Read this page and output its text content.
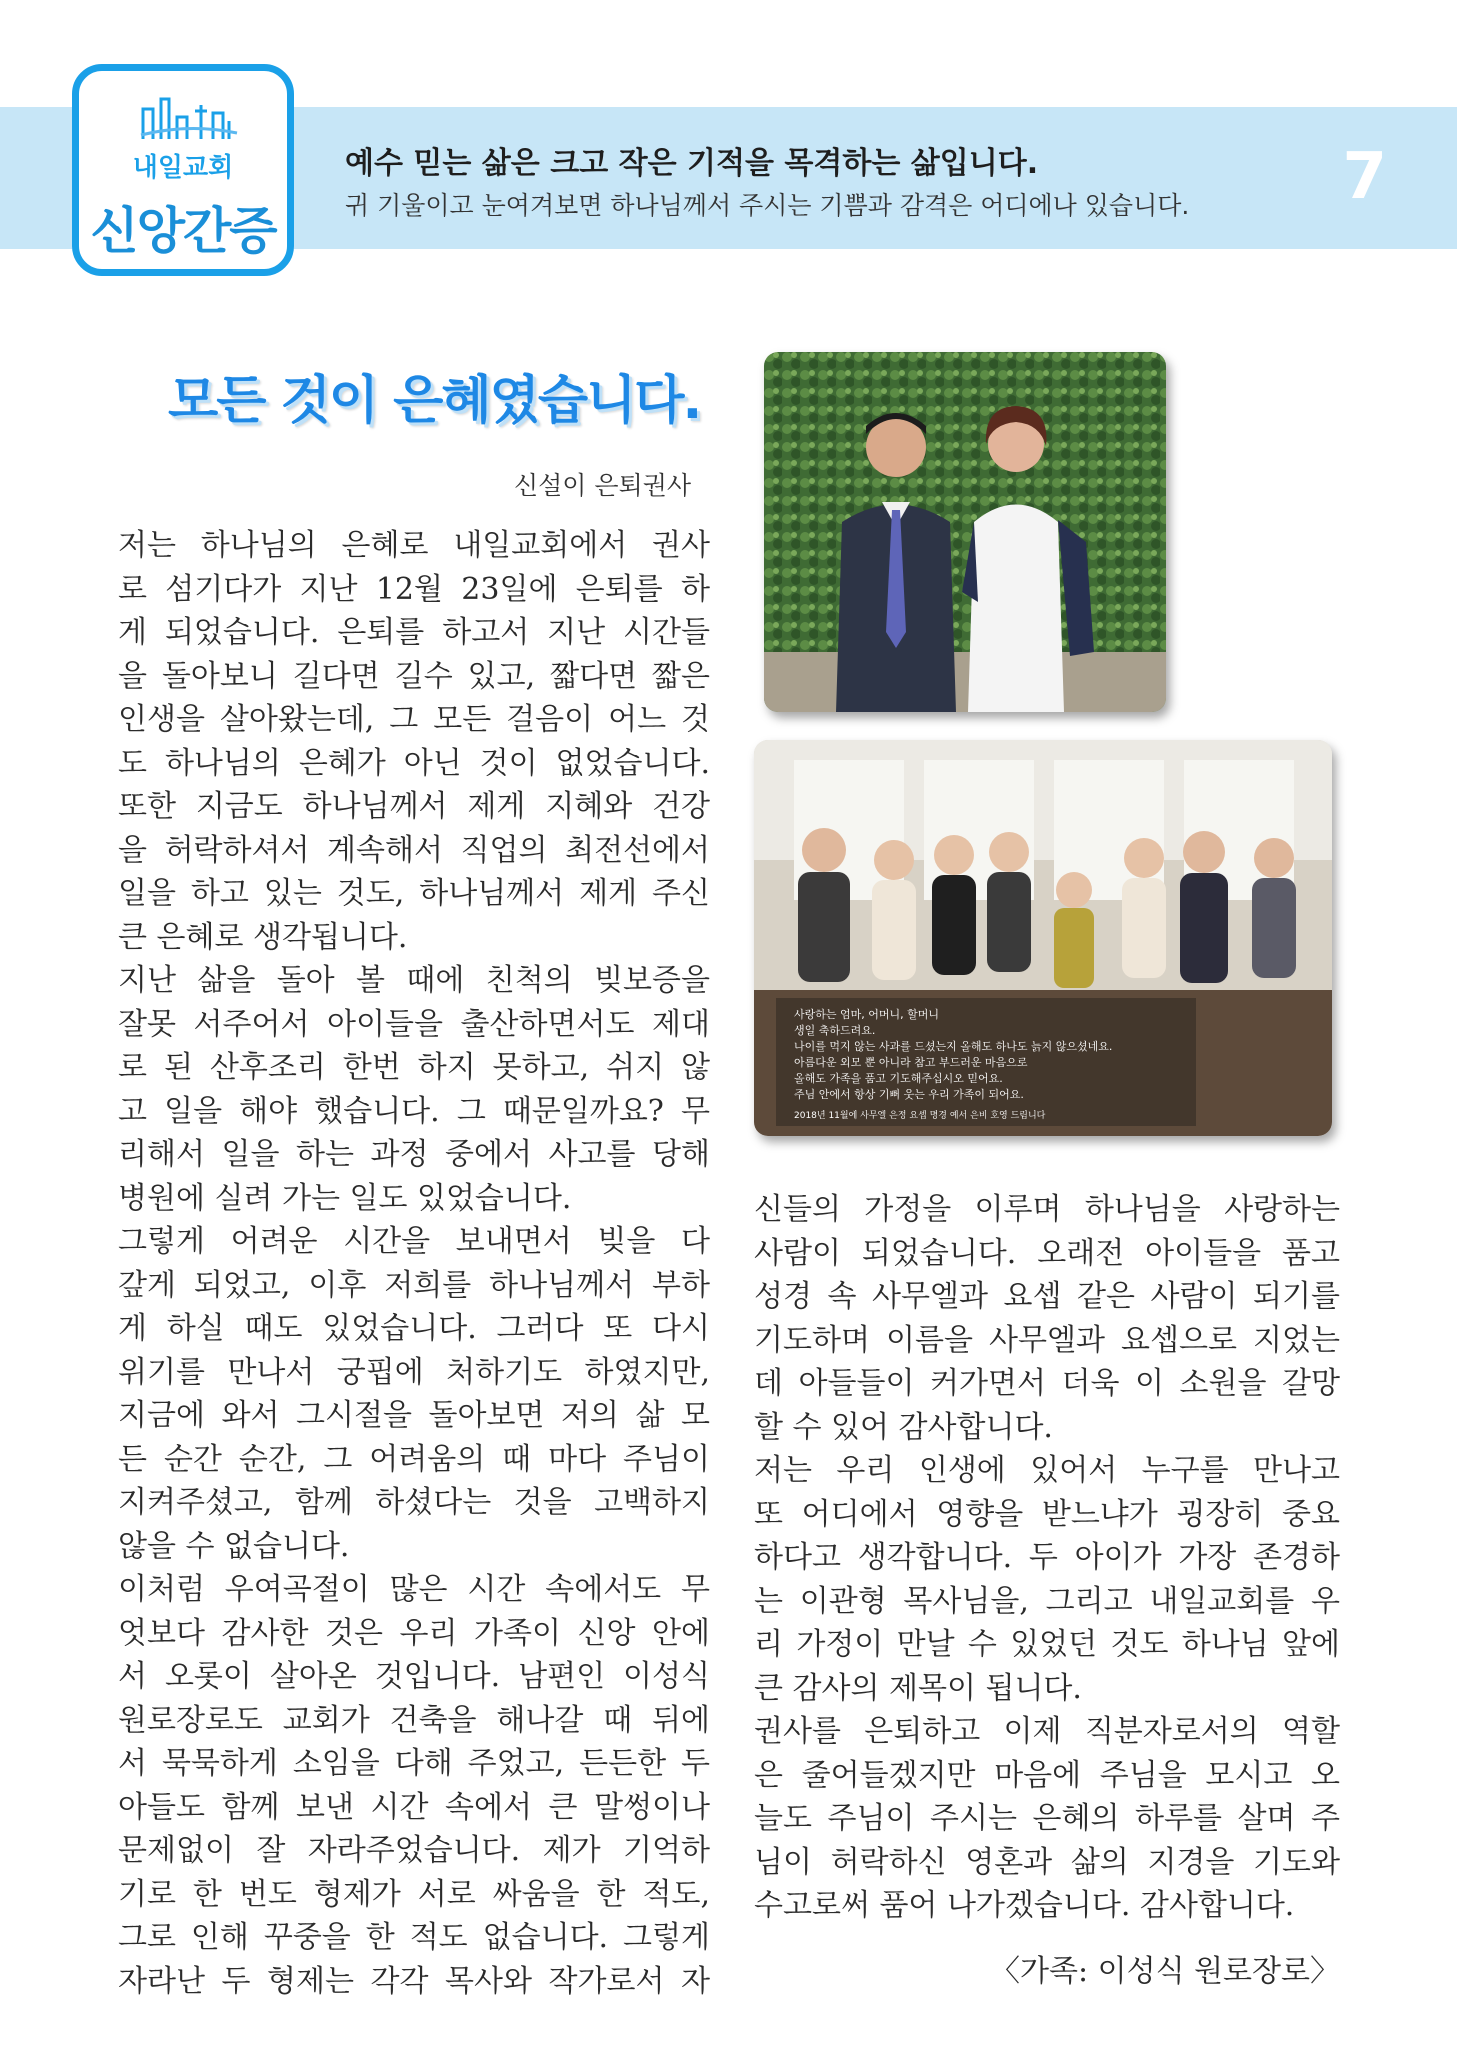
내일교회
신앙간증
예수 믿는 삶은 크고 작은 기적을 목격하는 삶입니다.
귀 기울이고 눈여겨보면 하나님께서 주시는 기쁨과 감격은 어디에나 있습니다. 7
모든 것이 은혜였습니다.
신설이 은퇴권사

저는 하나님의 은혜로 내일교회에서 권사

로 섬기다가 지난 12월 23일에 은퇴를 하

게 되었습니다. 은퇴를 하고서 지난 시간들

을 돌아보니 길다면 길수 있고, 짧다면 짧은

인생을 살아왔는데, 그 모든 걸음이 어느 것

도 하나님의 은혜가 아닌 것이 없었습니다.

또한 지금도 하나님께서 제게 지혜와 건강

을 허락하셔서 계속해서 직업의 최전선에서

일을 하고 있는 것도, 하나님께서 제게 주신

큰 은혜로 생각됩니다.

지난 삶을 돌아 볼 때에 친척의 빚보증을

잘못 서주어서 아이들을 출산하면서도 제대

로 된 산후조리 한번 하지 못하고, 쉬지 않

고 일을 해야 했습니다. 그 때문일까요? 무

리해서 일을 하는 과정 중에서 사고를 당해

병원에 실려 가는 일도 있었습니다.

그렇게 어려운 시간을 보내면서 빚을 다

갚게 되었고, 이후 저희를 하나님께서 부하

게 하실 때도 있었습니다. 그러다 또 다시

위기를 만나서 궁핍에 처하기도 하였지만,

지금에 와서 그시절을 돌아보면 저의 삶 모

든 순간 순간, 그 어려움의 때 마다 주님이

지켜주셨고, 함께 하셨다는 것을 고백하지

않을 수 없습니다.

이처럼 우여곡절이 많은 시간 속에서도 무

엇보다 감사한 것은 우리 가족이 신앙 안에

서 오롯이 살아온 것입니다. 남편인 이성식

원로장로도 교회가 건축을 해나갈 때 뒤에

서 묵묵하게 소임을 다해 주었고, 든든한 두

아들도 함께 보낸 시간 속에서 큰 말썽이나

문제없이 잘 자라주었습니다. 제가 기억하

기로 한 번도 형제가 서로 싸움을 한 적도,

그로 인해 꾸중을 한 적도 없습니다. 그렇게

자라난 두 형제는 각각 목사와 작가로서 자

사랑하는 엄마, 어머니, 할머니
생일 축하드려요.
나이를 먹지 않는 사과를 드셨는지 올해도 하나도 늙지 않으셨네요.
아름다운 외모 뿐 아니라 참고 부드러운 마음으로
올해도 가족을 품고 기도해주십시오 믿어요.
주님 안에서 항상 기뻐 웃는 우리 가족이 되어요.
2018년 11월에 사무엘 은정 요셉 명경 예서 은비 호영 드림니다

신들의 가정을 이루며 하나님을 사랑하는

사람이 되었습니다. 오래전 아이들을 품고

성경 속 사무엘과 요셉 같은 사람이 되기를

기도하며 이름을 사무엘과 요셉으로 지었는

데 아들들이 커가면서 더욱 이 소원을 갈망

할 수 있어 감사합니다.

저는 우리 인생에 있어서 누구를 만나고

또 어디에서 영향을 받느냐가 굉장히 중요

하다고 생각합니다. 두 아이가 가장 존경하

는 이관형 목사님을, 그리고 내일교회를 우

리 가정이 만날 수 있었던 것도 하나님 앞에

큰 감사의 제목이 됩니다.

권사를 은퇴하고 이제 직분자로서의 역할

은 줄어들겠지만 마음에 주님을 모시고 오

늘도 주님이 주시는 은혜의 하루를 살며 주

님이 허락하신 영혼과 삶의 지경을 기도와

수고로써 품어 나가겠습니다. 감사합니다.

〈가족: 이성식 원로장로〉
